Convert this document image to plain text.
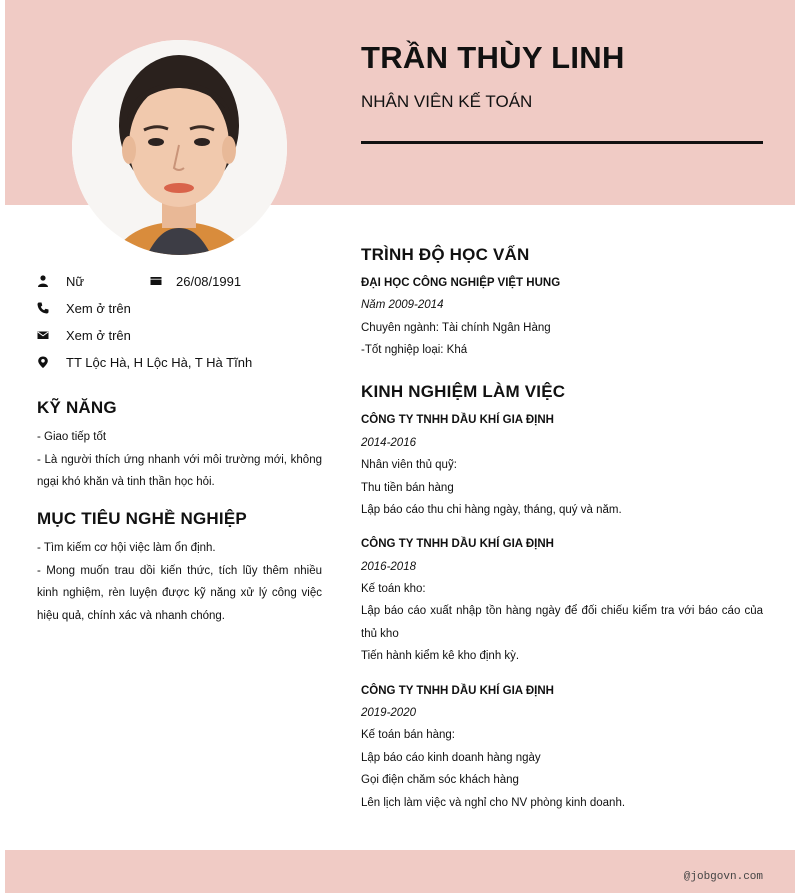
TRẦN THÙY LINH
NHÂN VIÊN KẾ TOÁN
Nữ	26/08/1991
Xem ở trên
Xem ở trên
TT Lộc Hà, H Lộc Hà, T Hà Tĩnh
KỸ NĂNG
- Giao tiếp tốt
- Là người thích ứng nhanh với môi trường mới, không ngại khó khăn và tinh thần học hỏi.
MỤC TIÊU NGHỀ NGHIỆP
- Tìm kiếm cơ hội việc làm ổn định.
- Mong muốn trau dồi kiến thức, tích lũy thêm nhiều kinh nghiệm, rèn luyện được kỹ năng xử lý công việc hiệu quả, chính xác và nhanh chóng.
TRÌNH ĐỘ HỌC VẤN
ĐẠI HỌC CÔNG NGHIỆP VIỆT HUNG
Năm 2009-2014
Chuyên ngành: Tài chính Ngân Hàng
-Tốt nghiệp loại: Khá
KINH NGHIỆM LÀM VIỆC
CÔNG TY TNHH DẦU KHÍ GIA ĐỊNH
2014-2016
Nhân viên thủ quỹ:
Thu tiền bán hàng
Lập báo cáo thu chi hàng ngày, tháng, quý và năm.
CÔNG TY TNHH DẦU KHÍ GIA ĐỊNH
2016-2018
Kế toán kho:
Lập báo cáo xuất nhập tồn hàng ngày để đối chiếu kiểm tra với báo cáo của thủ kho
Tiến hành kiểm kê kho định kỳ.
CÔNG TY TNHH DẦU KHÍ GIA ĐỊNH
2019-2020
Kế toán bán hàng:
Lập báo cáo kinh doanh hàng ngày
Gọi điện chăm sóc khách hàng
Lên lịch làm việc và nghỉ cho NV phòng kinh doanh.
@jobgovn.com
